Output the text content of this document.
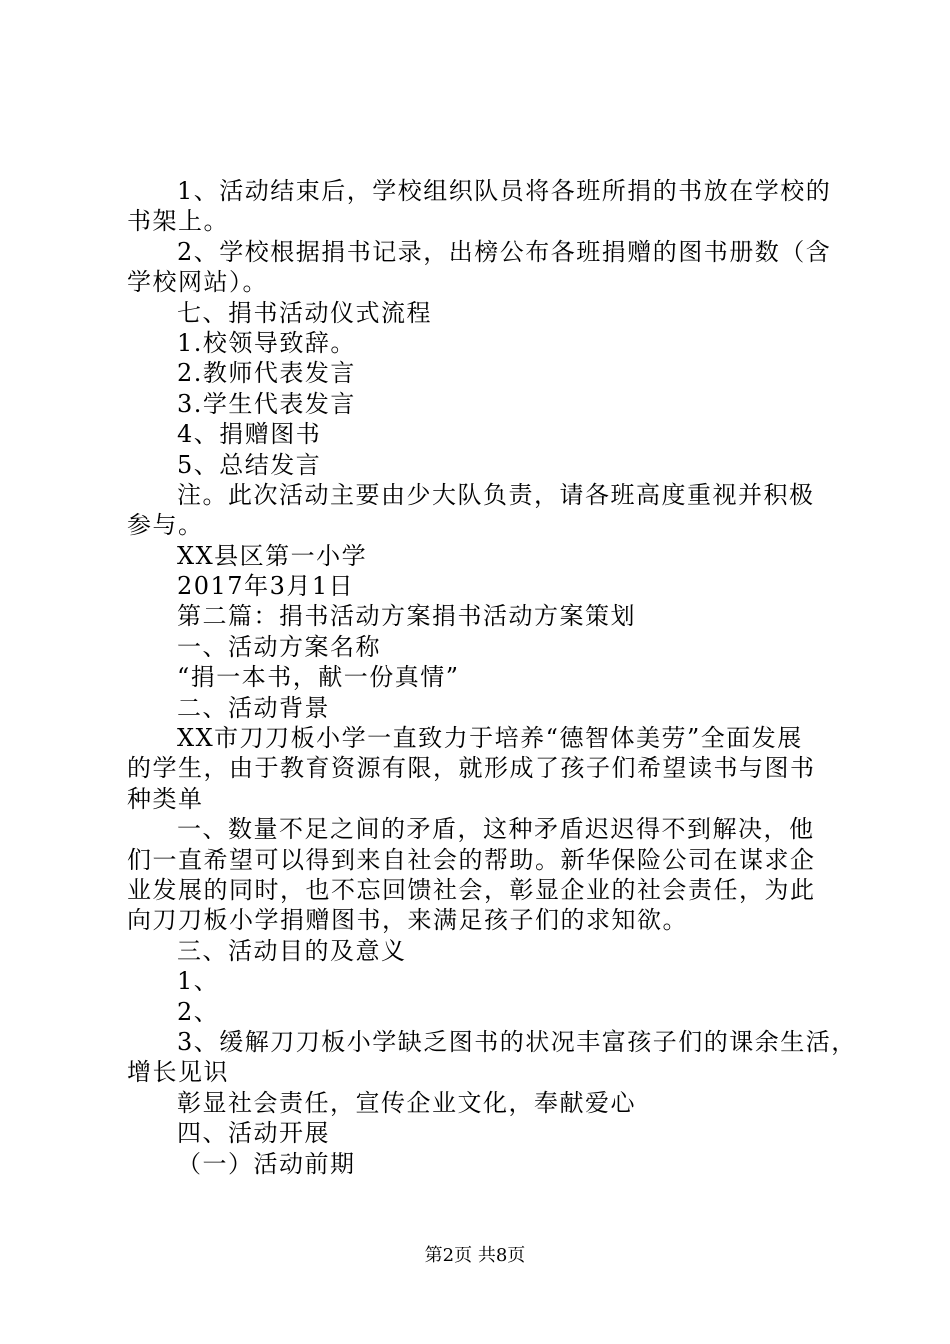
1、活动结束后，学校组织队员将各班所捐的书放在学校的
书架上。
2、学校根据捐书记录，出榜公布各班捐赠的图书册数（含
学校网站）。
七、捐书活动仪式流程
1.校领导致辞。
2.教师代表发言
3.学生代表发言
4、捐赠图书
5、总结发言
注。此次活动主要由少大队负责，请各班高度重视并积极
参与。
XX县区第一小学
2017年3月1日
第二篇：捐书活动方案捐书活动方案策划
一、活动方案名称
“捐一本书，献一份真情”
二、活动背景
XX市刀刀板小学一直致力于培养“德智体美劳”全面发展
的学生，由于教育资源有限，就形成了孩子们希望读书与图书
种类单
一、数量不足之间的矛盾，这种矛盾迟迟得不到解决，他
们一直希望可以得到来自社会的帮助。新华保险公司在谋求企
业发展的同时，也不忘回馈社会，彰显企业的社会责任，为此
向刀刀板小学捐赠图书，来满足孩子们的求知欲。
三、活动目的及意义
1、
2、
3、缓解刀刀板小学缺乏图书的状况丰富孩子们的课余生活，
增长见识
彰显社会责任，宣传企业文化，奉献爱心
四、活动开展
（一）活动前期
第2页 共8页
